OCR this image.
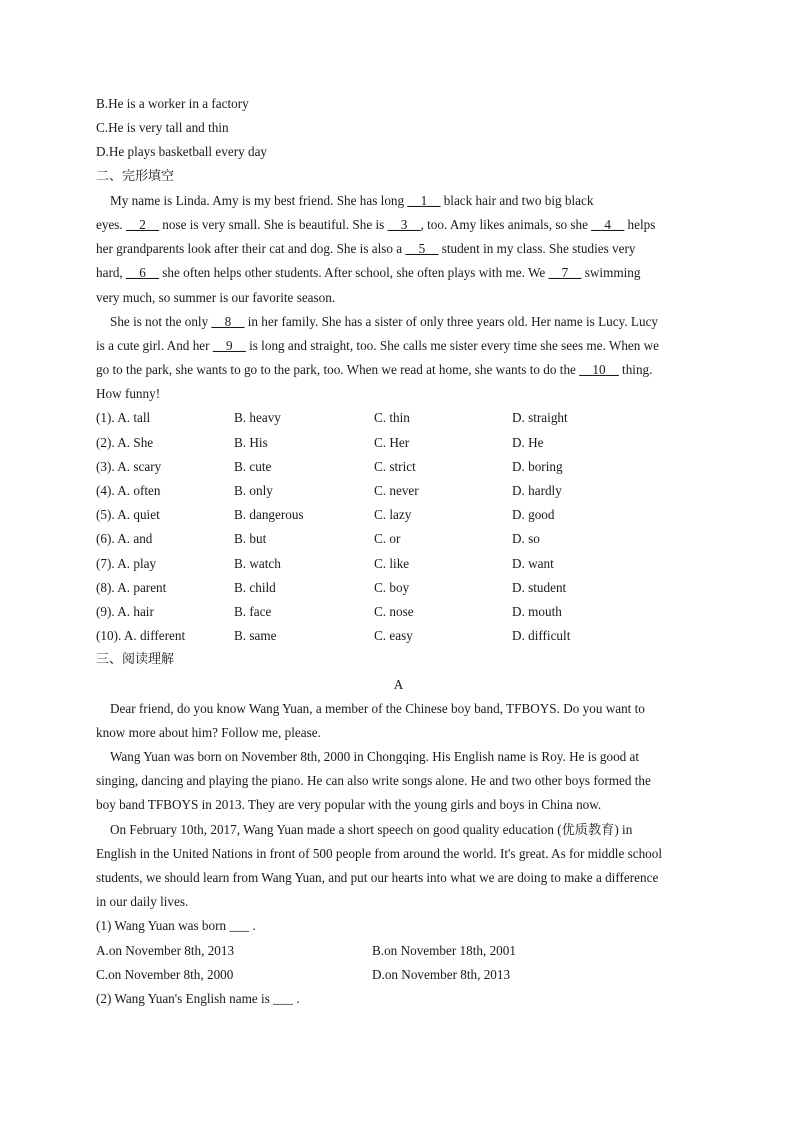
B.He is a worker in a factory
C.He is very tall and thin
D.He plays basketball every day
二、完形填空
My name is Linda. Amy is my best friend. She has long __1__ black hair and two big black
eyes. __2__ nose is very small. She is beautiful. She is __3__, too. Amy likes animals, so she __4__ helps
her grandparents look after their cat and dog. She is also a __5__ student in my class. She studies very
hard, __6__ she often helps other students. After school, she often plays with me. We __7__ swimming
very much, so summer is our favorite season.
She is not the only __8__ in her family. She has a sister of only three years old. Her name is Lucy. Lucy
is a cute girl. And her __9__ is long and straight, too. She calls me sister every time she sees me. When we
go to the park, she wants to go to the park, too. When we read at home, she wants to do the __10__ thing.
How funny!
(1). A. tall	B. heavy	C. thin	D. straight
(2). A. She	B. His	C. Her	D. He
(3). A. scary	B. cute	C. strict	D. boring
(4). A. often	B. only	C. never	D. hardly
(5). A. quiet	B. dangerous	C. lazy	D. good
(6). A. and	B. but	C. or	D. so
(7). A. play	B. watch	C. like	D. want
(8). A. parent	B. child	C. boy	D. student
(9). A. hair	B. face	C. nose	D. mouth
(10). A. different	B. same	C. easy	D. difficult
三、阅读理解
A
Dear friend, do you know Wang Yuan, a member of the Chinese boy band, TFBOYS. Do you want to
know more about him? Follow me, please.
Wang Yuan was born on November 8th, 2000 in Chongqing. His English name is Roy. He is good at
singing, dancing and playing the piano. He can also write songs alone. He and two other boys formed the
boy band TFBOYS in 2013. They are very popular with the young girls and boys in China now.
On February 10th, 2017, Wang Yuan made a short speech on good quality education (优质教育) in
English in the United Nations in front of 500 people from around the world. It's great. As for middle school
students, we should learn from Wang Yuan, and put our hearts into what we are doing to make a difference
in our daily lives.
(1) Wang Yuan was born ___ .
A.on November 8th, 2013	B.on November 18th, 2001
C.on November 8th, 2000	D.on November 8th, 2013
(2) Wang Yuan's English name is ___ .
